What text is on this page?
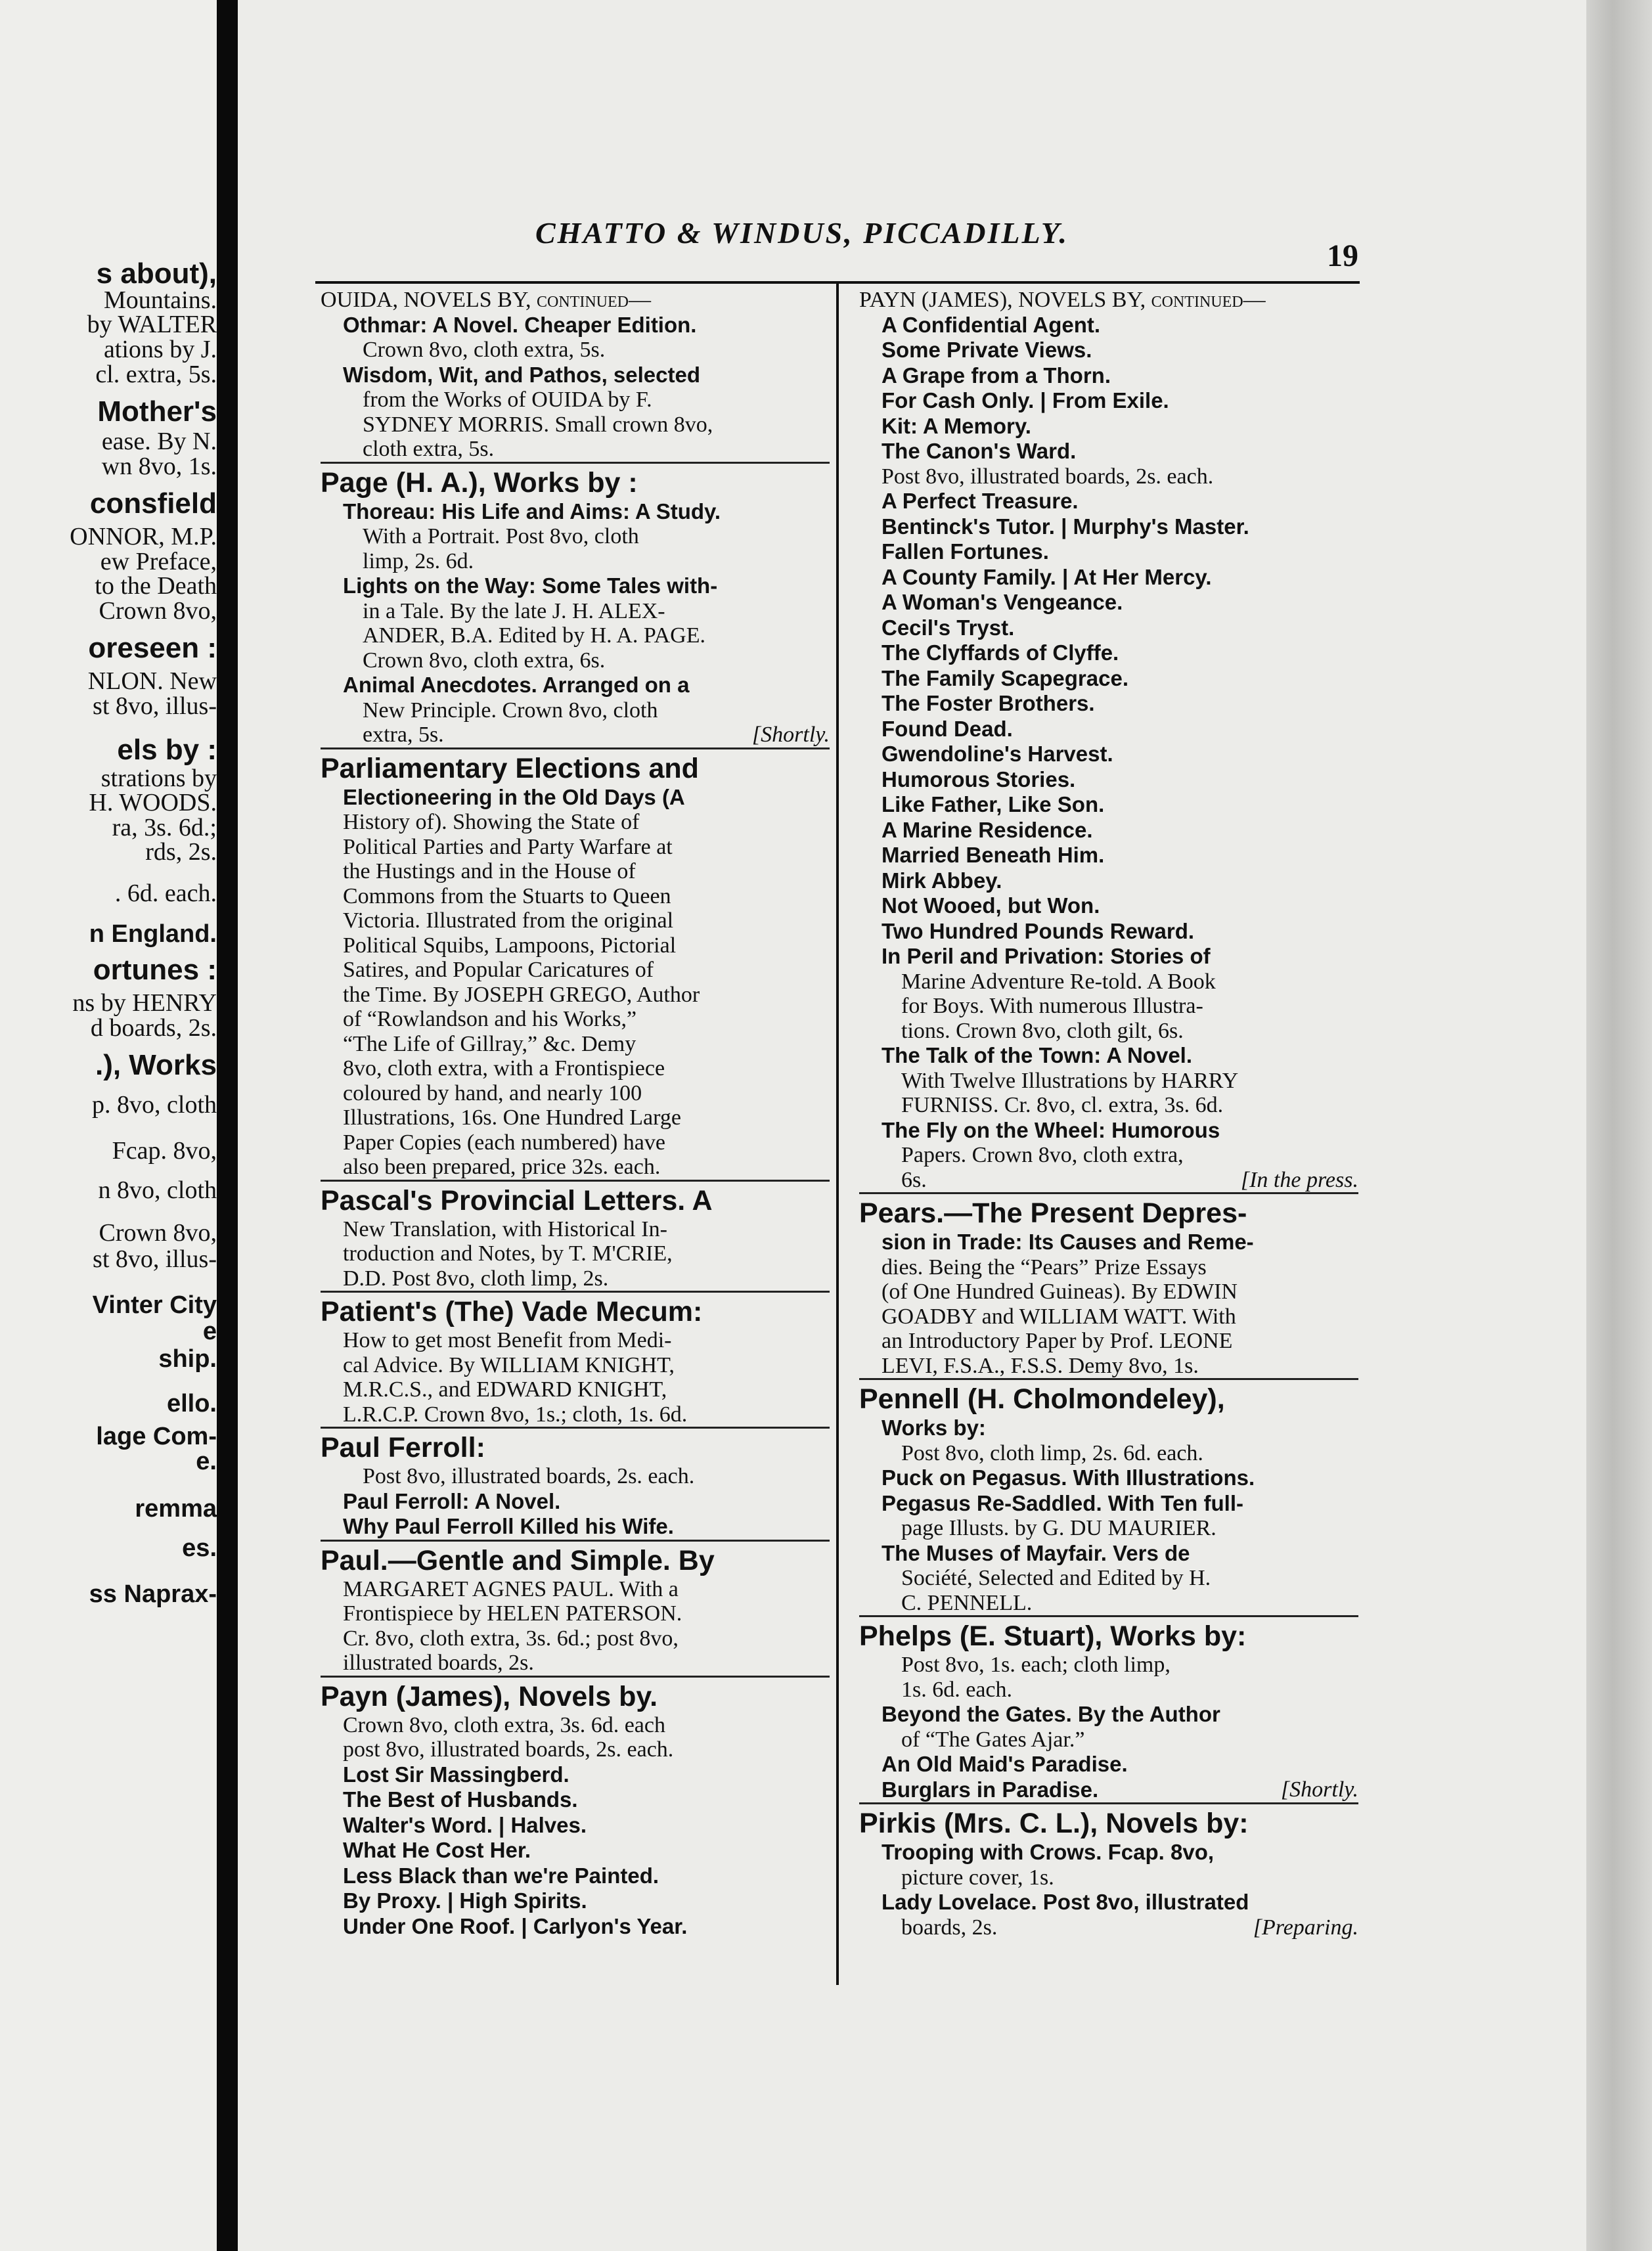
s about),
Mountains.
by WALTER
ations by J.
cl. extra, 5s.
Mother's
ease. By N.
wn 8vo, 1s.
consfield
ONNOR, M.P.
ew Preface,
to the Death
Crown 8vo,
oreseen :
NLON. New
st 8vo, illus-
els by :
strations by
H. WOODS.
ra, 3s. 6d.;
rds, 2s.
. 6d. each.
n England.
ortunes :
ns by HENRY
d boards, 2s.
.), Works
p. 8vo, cloth
Fcap. 8vo,
n 8vo, cloth
Crown 8vo,
st 8vo, illus-
Vinter City
e
ship.
ello.
lage Com-
e.
remma
es.
ss Naprax-
CHATTO & WINDUS, PICCADILLY.
19
OUIDA, NOVELS BY, continued—
Othmar: A Novel. Cheaper Edition.
Crown 8vo, cloth extra, 5s.
Wisdom, Wit, and Pathos, selected
from the Works of OUIDA by F.
SYDNEY MORRIS. Small crown 8vo,
cloth extra, 5s.
Page (H. A.), Works by :
Thoreau: His Life and Aims: A Study.
With a Portrait. Post 8vo, cloth
limp, 2s. 6d.
Lights on the Way: Some Tales with-
in a Tale. By the late J. H. ALEX-
ANDER, B.A. Edited by H. A. PAGE.
Crown 8vo, cloth extra, 6s.
Animal Anecdotes. Arranged on a
New Principle. Crown 8vo, cloth
extra, 5s.	[Shortly.
Parliamentary Elections and
Electioneering in the Old Days (A
History of). Showing the State of
Political Parties and Party Warfare at
the Hustings and in the House of
Commons from the Stuarts to Queen
Victoria. Illustrated from the original
Political Squibs, Lampoons, Pictorial
Satires, and Popular Caricatures of
the Time. By JOSEPH GREGO, Author
of “Rowlandson and his Works,”
“The Life of Gillray,” &c. Demy
8vo, cloth extra, with a Frontispiece
coloured by hand, and nearly 100
Illustrations, 16s. One Hundred Large
Paper Copies (each numbered) have
also been prepared, price 32s. each.
Pascal's Provincial Letters. A
New Translation, with Historical In-
troduction and Notes, by T. M'CRIE,
D.D. Post 8vo, cloth limp, 2s.
Patient's (The) Vade Mecum:
How to get most Benefit from Medi-
cal Advice. By WILLIAM KNIGHT,
M.R.C.S., and EDWARD KNIGHT,
L.R.C.P. Crown 8vo, 1s.; cloth, 1s. 6d.
Paul Ferroll:
Post 8vo, illustrated boards, 2s. each.
Paul Ferroll: A Novel.
Why Paul Ferroll Killed his Wife.
Paul.—Gentle and Simple. By
MARGARET AGNES PAUL. With a
Frontispiece by HELEN PATERSON.
Cr. 8vo, cloth extra, 3s. 6d.; post 8vo,
illustrated boards, 2s.
Payn (James), Novels by.
Crown 8vo, cloth extra, 3s. 6d. each
post 8vo, illustrated boards, 2s. each.
Lost Sir Massingberd.
The Best of Husbands.
Walter's Word. | Halves.
What He Cost Her.
Less Black than we're Painted.
By Proxy. | High Spirits.
Under One Roof. | Carlyon's Year.
PAYN (JAMES), NOVELS BY, continued—
A Confidential Agent.
Some Private Views.
A Grape from a Thorn.
For Cash Only. | From Exile.
Kit: A Memory.
The Canon's Ward.
Post 8vo, illustrated boards, 2s. each.
A Perfect Treasure.
Bentinck's Tutor. | Murphy's Master.
Fallen Fortunes.
A County Family. | At Her Mercy.
A Woman's Vengeance.
Cecil's Tryst.
The Clyffards of Clyffe.
The Family Scapegrace.
The Foster Brothers.
Found Dead.
Gwendoline's Harvest.
Humorous Stories.
Like Father, Like Son.
A Marine Residence.
Married Beneath Him.
Mirk Abbey.
Not Wooed, but Won.
Two Hundred Pounds Reward.
In Peril and Privation: Stories of
Marine Adventure Re-told. A Book
for Boys. With numerous Illustra-
tions. Crown 8vo, cloth gilt, 6s.
The Talk of the Town: A Novel.
With Twelve Illustrations by HARRY
FURNISS. Cr. 8vo, cl. extra, 3s. 6d.
The Fly on the Wheel: Humorous
Papers. Crown 8vo, cloth extra,
6s.	[In the press.
Pears.—The Present Depres-
sion in Trade: Its Causes and Reme-
dies. Being the “Pears” Prize Essays
(of One Hundred Guineas). By EDWIN
GOADBY and WILLIAM WATT. With
an Introductory Paper by Prof. LEONE
LEVI, F.S.A., F.S.S. Demy 8vo, 1s.
Pennell (H. Cholmondeley),
Works by:
Post 8vo, cloth limp, 2s. 6d. each.
Puck on Pegasus. With Illustrations.
Pegasus Re-Saddled. With Ten full-
page Illusts. by G. DU MAURIER.
The Muses of Mayfair. Vers de
Société, Selected and Edited by H.
C. PENNELL.
Phelps (E. Stuart), Works by:
Post 8vo, 1s. each; cloth limp,
1s. 6d. each.
Beyond the Gates. By the Author
of “The Gates Ajar.”
An Old Maid's Paradise.
Burglars in Paradise.	[Shortly.
Pirkis (Mrs. C. L.), Novels by:
Trooping with Crows. Fcap. 8vo,
picture cover, 1s.
Lady Lovelace. Post 8vo, illustrated
boards, 2s.	[Preparing.
